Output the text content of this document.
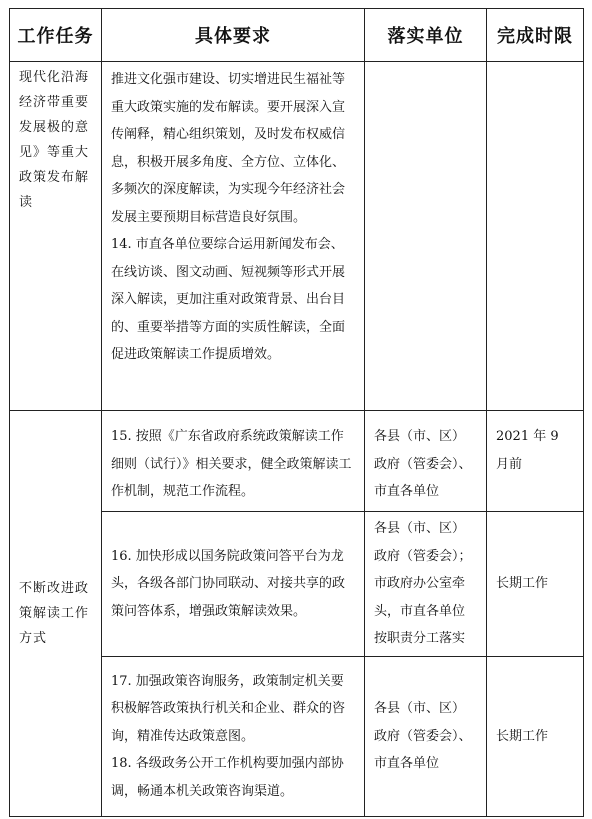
工作任务	具体要求	落实单位	完成时限

现代化沿海经济带重要发展极的意见》等重大政策发布解读	推进文化强市建设、切实增进民生福祉等重大政策实施的发布解读。要开展深入宣传阐释，精心组织策划，及时发布权威信息，积极开展多角度、全方位、立体化、多频次的深度解读，为实现今年经济社会发展主要预期目标营造良好氛围。
14. 市直各单位要综合运用新闻发布会、在线访谈、图文动画、短视频等形式开展深入解读，更加注重对政策背景、出台目的、重要举措等方面的实质性解读，全面促进政策解读工作提质增效。		

不断改进政策解读工作方式	15. 按照《广东省政府系统政策解读工作细则（试行）》相关要求，健全政策解读工作机制，规范工作流程。	各县（市、区）政府（管委会）、市直各单位	2021 年 9 月前

	16. 加快形成以国务院政策问答平台为龙头，各级各部门协同联动、对接共享的政策问答体系，增强政策解读效果。	各县（市、区）政府（管委会）；市政府办公室牵头，市直各单位按职责分工落实	长期工作

	17. 加强政策咨询服务，政策制定机关要积极解答政策执行机关和企业、群众的咨询，精准传达政策意图。
18. 各级政务公开工作机构要加强内部协调，畅通本机关政策咨询渠道。	各县（市、区）政府（管委会）、市直各单位	长期工作
